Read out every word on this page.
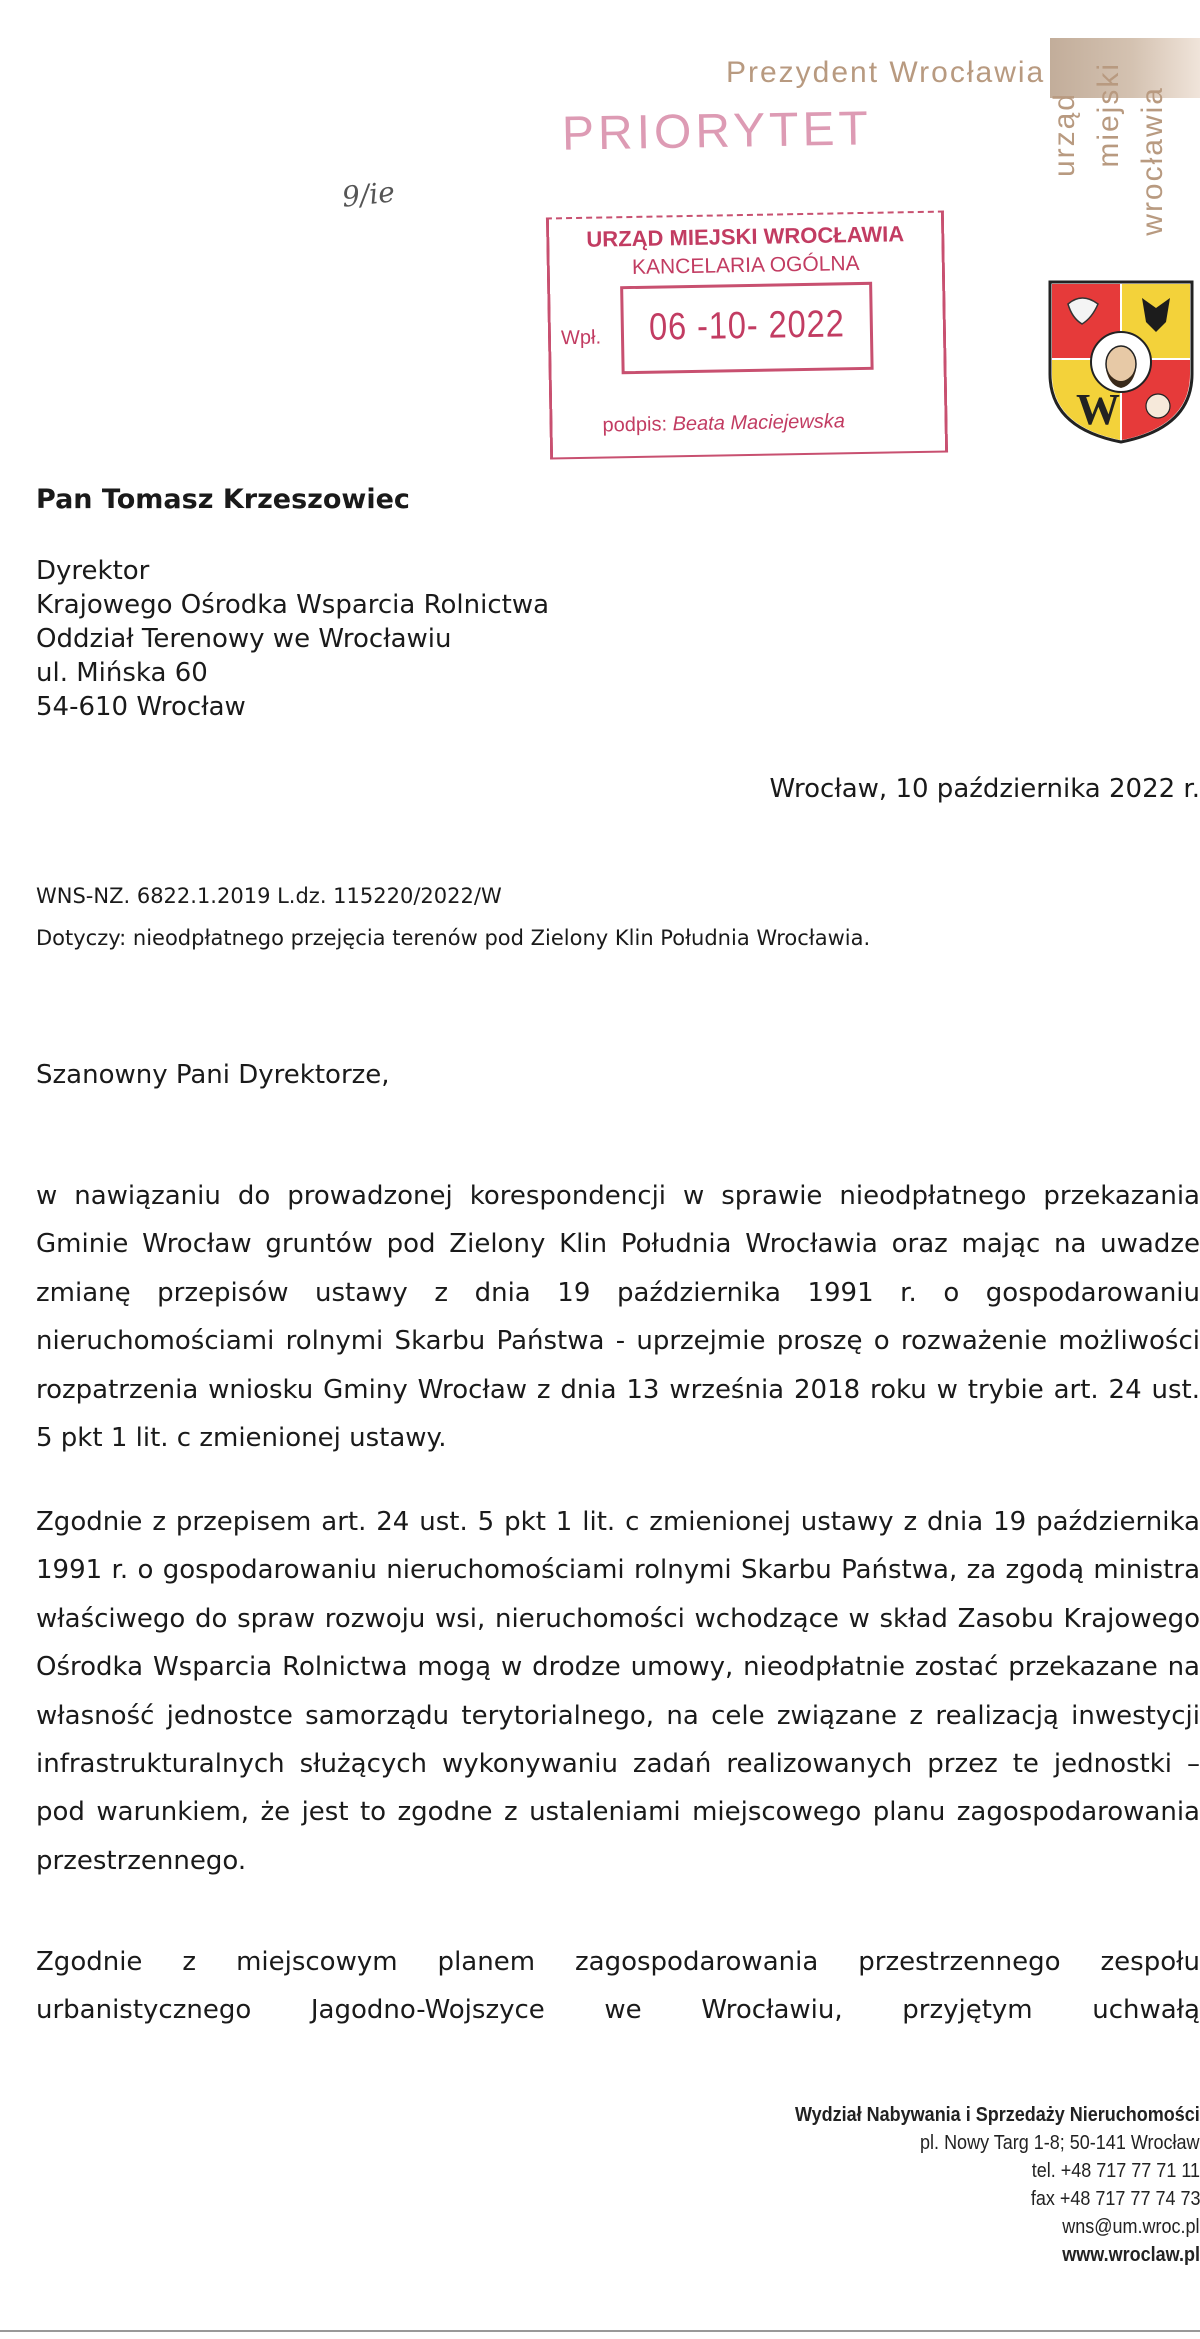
Prezydent Wrocławia
urząd miejski wrocławia
W
PRIORYTET
9/ie
URZĄD MIEJSKI WROCŁAWIA
KANCELARIA OGÓLNA
Wpł. 06 -10- 2022
podpis: Beata Maciejewska
Pan Tomasz Krzeszowiec
Dyrektor
Krajowego Ośrodka Wsparcia Rolnictwa
Oddział Terenowy we Wrocławiu
ul. Mińska 60
54-610 Wrocław
Wrocław, 10 października 2022 r.
WNS-NZ. 6822.1.2019 L.dz. 115220/2022/W
Dotyczy: nieodpłatnego przejęcia terenów pod Zielony Klin Południa Wrocławia.
Szanowny Pani Dyrektorze,
w nawiązaniu do prowadzonej korespondencji w sprawie nieodpłatnego przekazania Gminie Wrocław gruntów pod Zielony Klin Południa Wrocławia oraz mając na uwadze zmianę przepisów ustawy z dnia 19 października 1991 r. o gospodarowaniu nieruchomościami rolnymi Skarbu Państwa - uprzejmie proszę o rozważenie możliwości rozpatrzenia wniosku Gminy Wrocław z dnia 13 września 2018 roku w trybie art. 24 ust. 5 pkt 1 lit. c zmienionej ustawy.
Zgodnie z przepisem art. 24 ust. 5 pkt 1 lit. c zmienionej ustawy z dnia 19 października 1991 r. o gospodarowaniu nieruchomościami rolnymi Skarbu Państwa, za zgodą ministra właściwego do spraw rozwoju wsi, nieruchomości wchodzące w skład Zasobu Krajowego Ośrodka Wsparcia Rolnictwa mogą w drodze umowy, nieodpłatnie zostać przekazane na własność jednostce samorządu terytorialnego, na cele związane z realizacją inwestycji infrastrukturalnych służących wykonywaniu zadań realizowanych przez te jednostki – pod warunkiem, że jest to zgodne z ustaleniami miejscowego planu zagospodarowania przestrzennego.
Zgodnie z miejscowym planem zagospodarowania przestrzennego zespołu urbanistycznego Jagodno-Wojszyce we Wrocławiu, przyjętym uchwałą
Wydział Nabywania i Sprzedaży Nieruchomości
pl. Nowy Targ 1-8; 50-141 Wrocław
tel. +48 717 77 71 11
fax +48 717 77 74 73
wns@um.wroc.pl
www.wroclaw.pl
